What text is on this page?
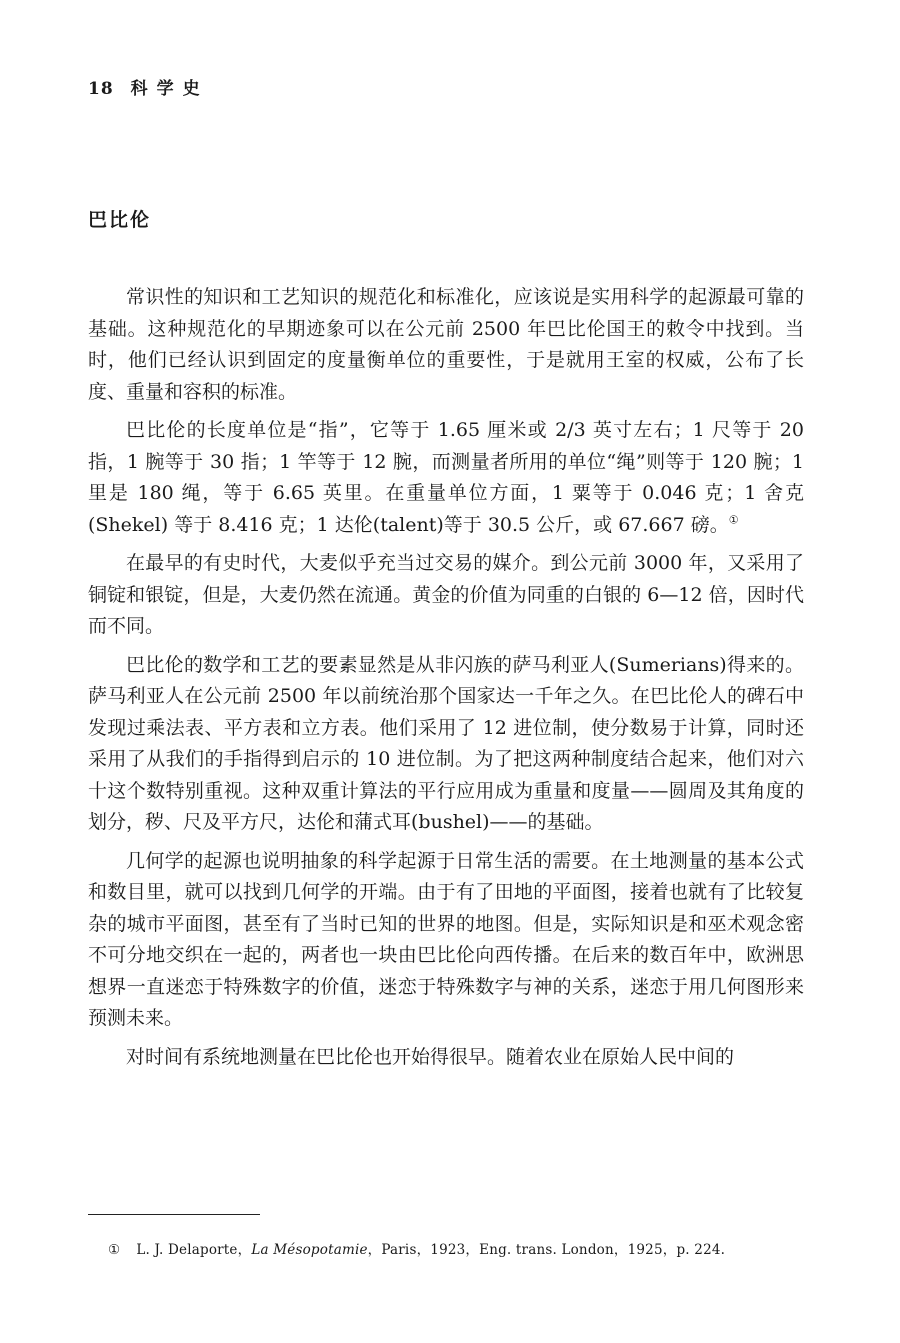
18 科学史
巴比伦

常识性的知识和工艺知识的规范化和标准化，应该说是实用科学的起源最可靠的基础。这种规范化的早期迹象可以在公元前 2500 年巴比伦国王的敕令中找到。当时，他们已经认识到固定的度量衡单位的重要性，于是就用王室的权威，公布了长度、重量和容积的标准。

巴比伦的长度单位是“指”，它等于 1.65 厘米或 2/3 英寸左右；1 尺等于 20 指，1 腕等于 30 指；1 竿等于 12 腕，而测量者所用的单位“绳”则等于 120 腕；1 里是 180 绳，等于 6.65 英里。在重量单位方面，1 粟等于 0.046 克；1 舍克(Shekel) 等于 8.416 克；1 达伦(talent)等于 30.5 公斤，或 67.667 磅。①

在最早的有史时代，大麦似乎充当过交易的媒介。到公元前 3000 年，又采用了铜锭和银锭，但是，大麦仍然在流通。黄金的价值为同重的白银的 6—12 倍，因时代而不同。

巴比伦的数学和工艺的要素显然是从非闪族的萨马利亚人(Sumerians)得来的。萨马利亚人在公元前 2500 年以前统治那个国家达一千年之久。在巴比伦人的碑石中发现过乘法表、平方表和立方表。他们采用了 12 进位制，使分数易于计算，同时还采用了从我们的手指得到启示的 10 进位制。为了把这两种制度结合起来，他们对六十这个数特别重视。这种双重计算法的平行应用成为重量和度量——圆周及其角度的划分，秽、尺及平方尺，达伦和蒲式耳(bushel)——的基础。

几何学的起源也说明抽象的科学起源于日常生活的需要。在土地测量的基本公式和数目里，就可以找到几何学的开端。由于有了田地的平面图，接着也就有了比较复杂的城市平面图，甚至有了当时已知的世界的地图。但是，实际知识是和巫术观念密不可分地交织在一起的，两者也一块由巴比伦向西传播。在后来的数百年中，欧洲思想界一直迷恋于特殊数字的价值，迷恋于特殊数字与神的关系，迷恋于用几何图形来预测未来。

对时间有系统地测量在巴比伦也开始得很早。随着农业在原始人民中间的

① L. J. Delaporte，La Mésopotamie，Paris，1923，Eng. trans. London，1925，p. 224.
